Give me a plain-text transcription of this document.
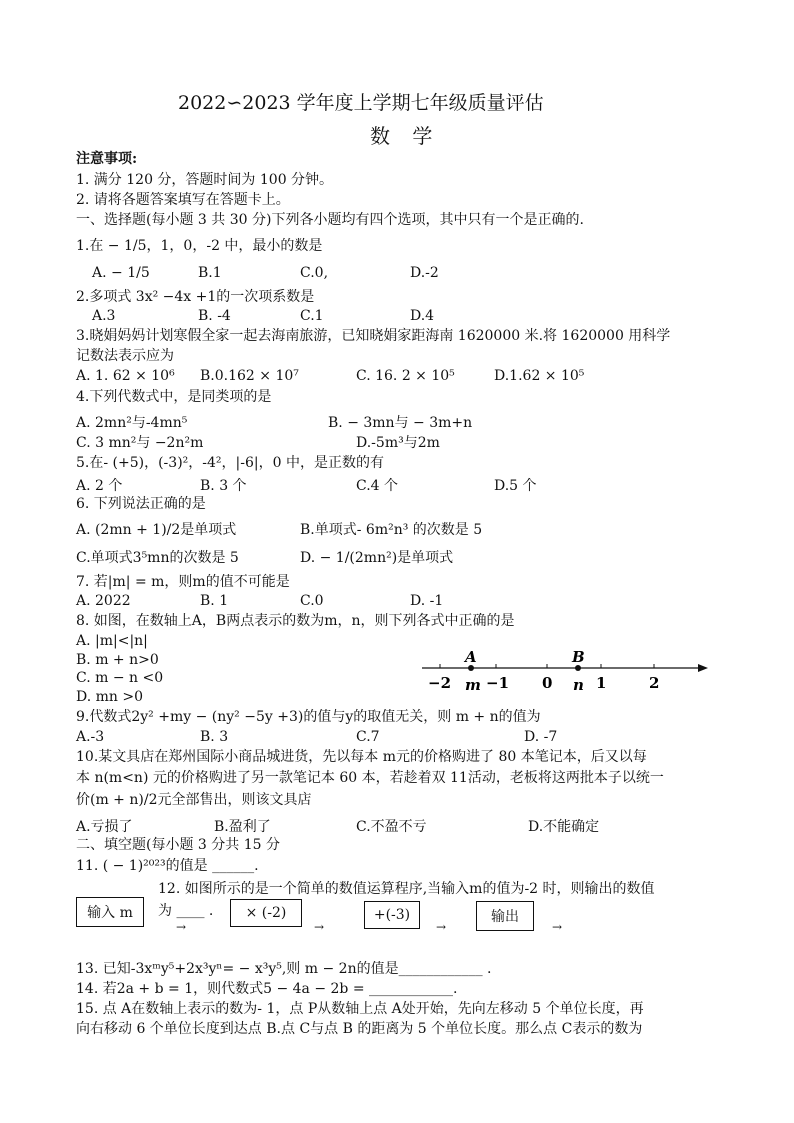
2022∽2023 学年度上学期七年级质量评估
数 学
注意事项:
1. 满分 120 分，答题时间为 100 分钟。
2. 请将各题答案填写在答题卡上。
一、选择题(每小题 3 共 30 分)下列各小题均有四个选项，其中只有一个是正确的.
1.在 − 1/5，1，0，-2 中，最小的数是
A. − 1/5	B.1	C.0,	D.-2
2.多项式 3x² −4x +1的一次项系数是
A.3	B. -4	C.1	D.4
3.晓娟妈妈计划寒假全家一起去海南旅游，已知晓娟家距海南 1620000 米.将 1620000 用科学
记数法表示应为
A. 1. 62 × 10⁶ B.0.162 × 10⁷	C. 16. 2 × 10⁵	D.1.62 × 10⁵
4.下列代数式中，是同类项的是
A. 2mn²与-4mn⁵	B. − 3mn与 − 3m+n
C. 3 mn²与 −2n²m	D.-5m³与2m
5.在- (+5)，(-3)²，-4²，|-6|，0 中，是正数的有
A. 2 个	B. 3 个	C.4 个	D.5 个
6. 下列说法正确的是
A. (2mn + 1)/2是单项式	B.单项式- 6m²n³ 的次数是 5
C.单项式3⁵mn的次数是 5	D. − 1/(2mn²)是单项式
7. 若|m| = m，则m的值不可能是
A. 2022	B. 1	C.0	D. -1
8. 如图，在数轴上A，B两点表示的数为m，n，则下列各式中正确的是
A. |m|<|n|
B. m + n>0
C. m − n <0
D. mn >0
A	B
−2 m −1 0 n 1	2
9.代数式2y² +my − (ny² −5y +3)的值与y的取值无关，则 m + n的值为
A.-3	B. 3	C.7	D. -7
10.某文具店在郑州国际小商品城进货，先以每本 m元的价格购进了 80 本笔记本，后又以每
本 n(m<n) 元的价格购进了另一款笔记本 60 本，若趁着双 11活动，老板将这两批本子以统一
价(m + n)/2元全部售出，则该文具店
A.亏损了	B.盈利了	C.不盈不亏	D.不能确定
二、填空题(每小题 3 分共 15 分
11. ( − 1)²⁰²³的值是 ______.
12. 如图所示的是一个简单的数值运算程序,当输入m的值为-2 时，则输出的数值
为 ____ .
输入 m	× (-2)	+(-3)	输出
→	→	→	→
13. 已知-3xᵐy⁵+2x³yⁿ= − x³y⁵,则 m − 2n的值是____________ .
14. 若2a + b = 1，则代数式5 − 4a − 2b = ____________.
15. 点 A在数轴上表示的数为- 1，点 P从数轴上点 A处开始，先向左移动 5 个单位长度，再
向右移动 6 个单位长度到达点 B.点 C与点 B 的距离为 5 个单位长度。那么点 C表示的数为
